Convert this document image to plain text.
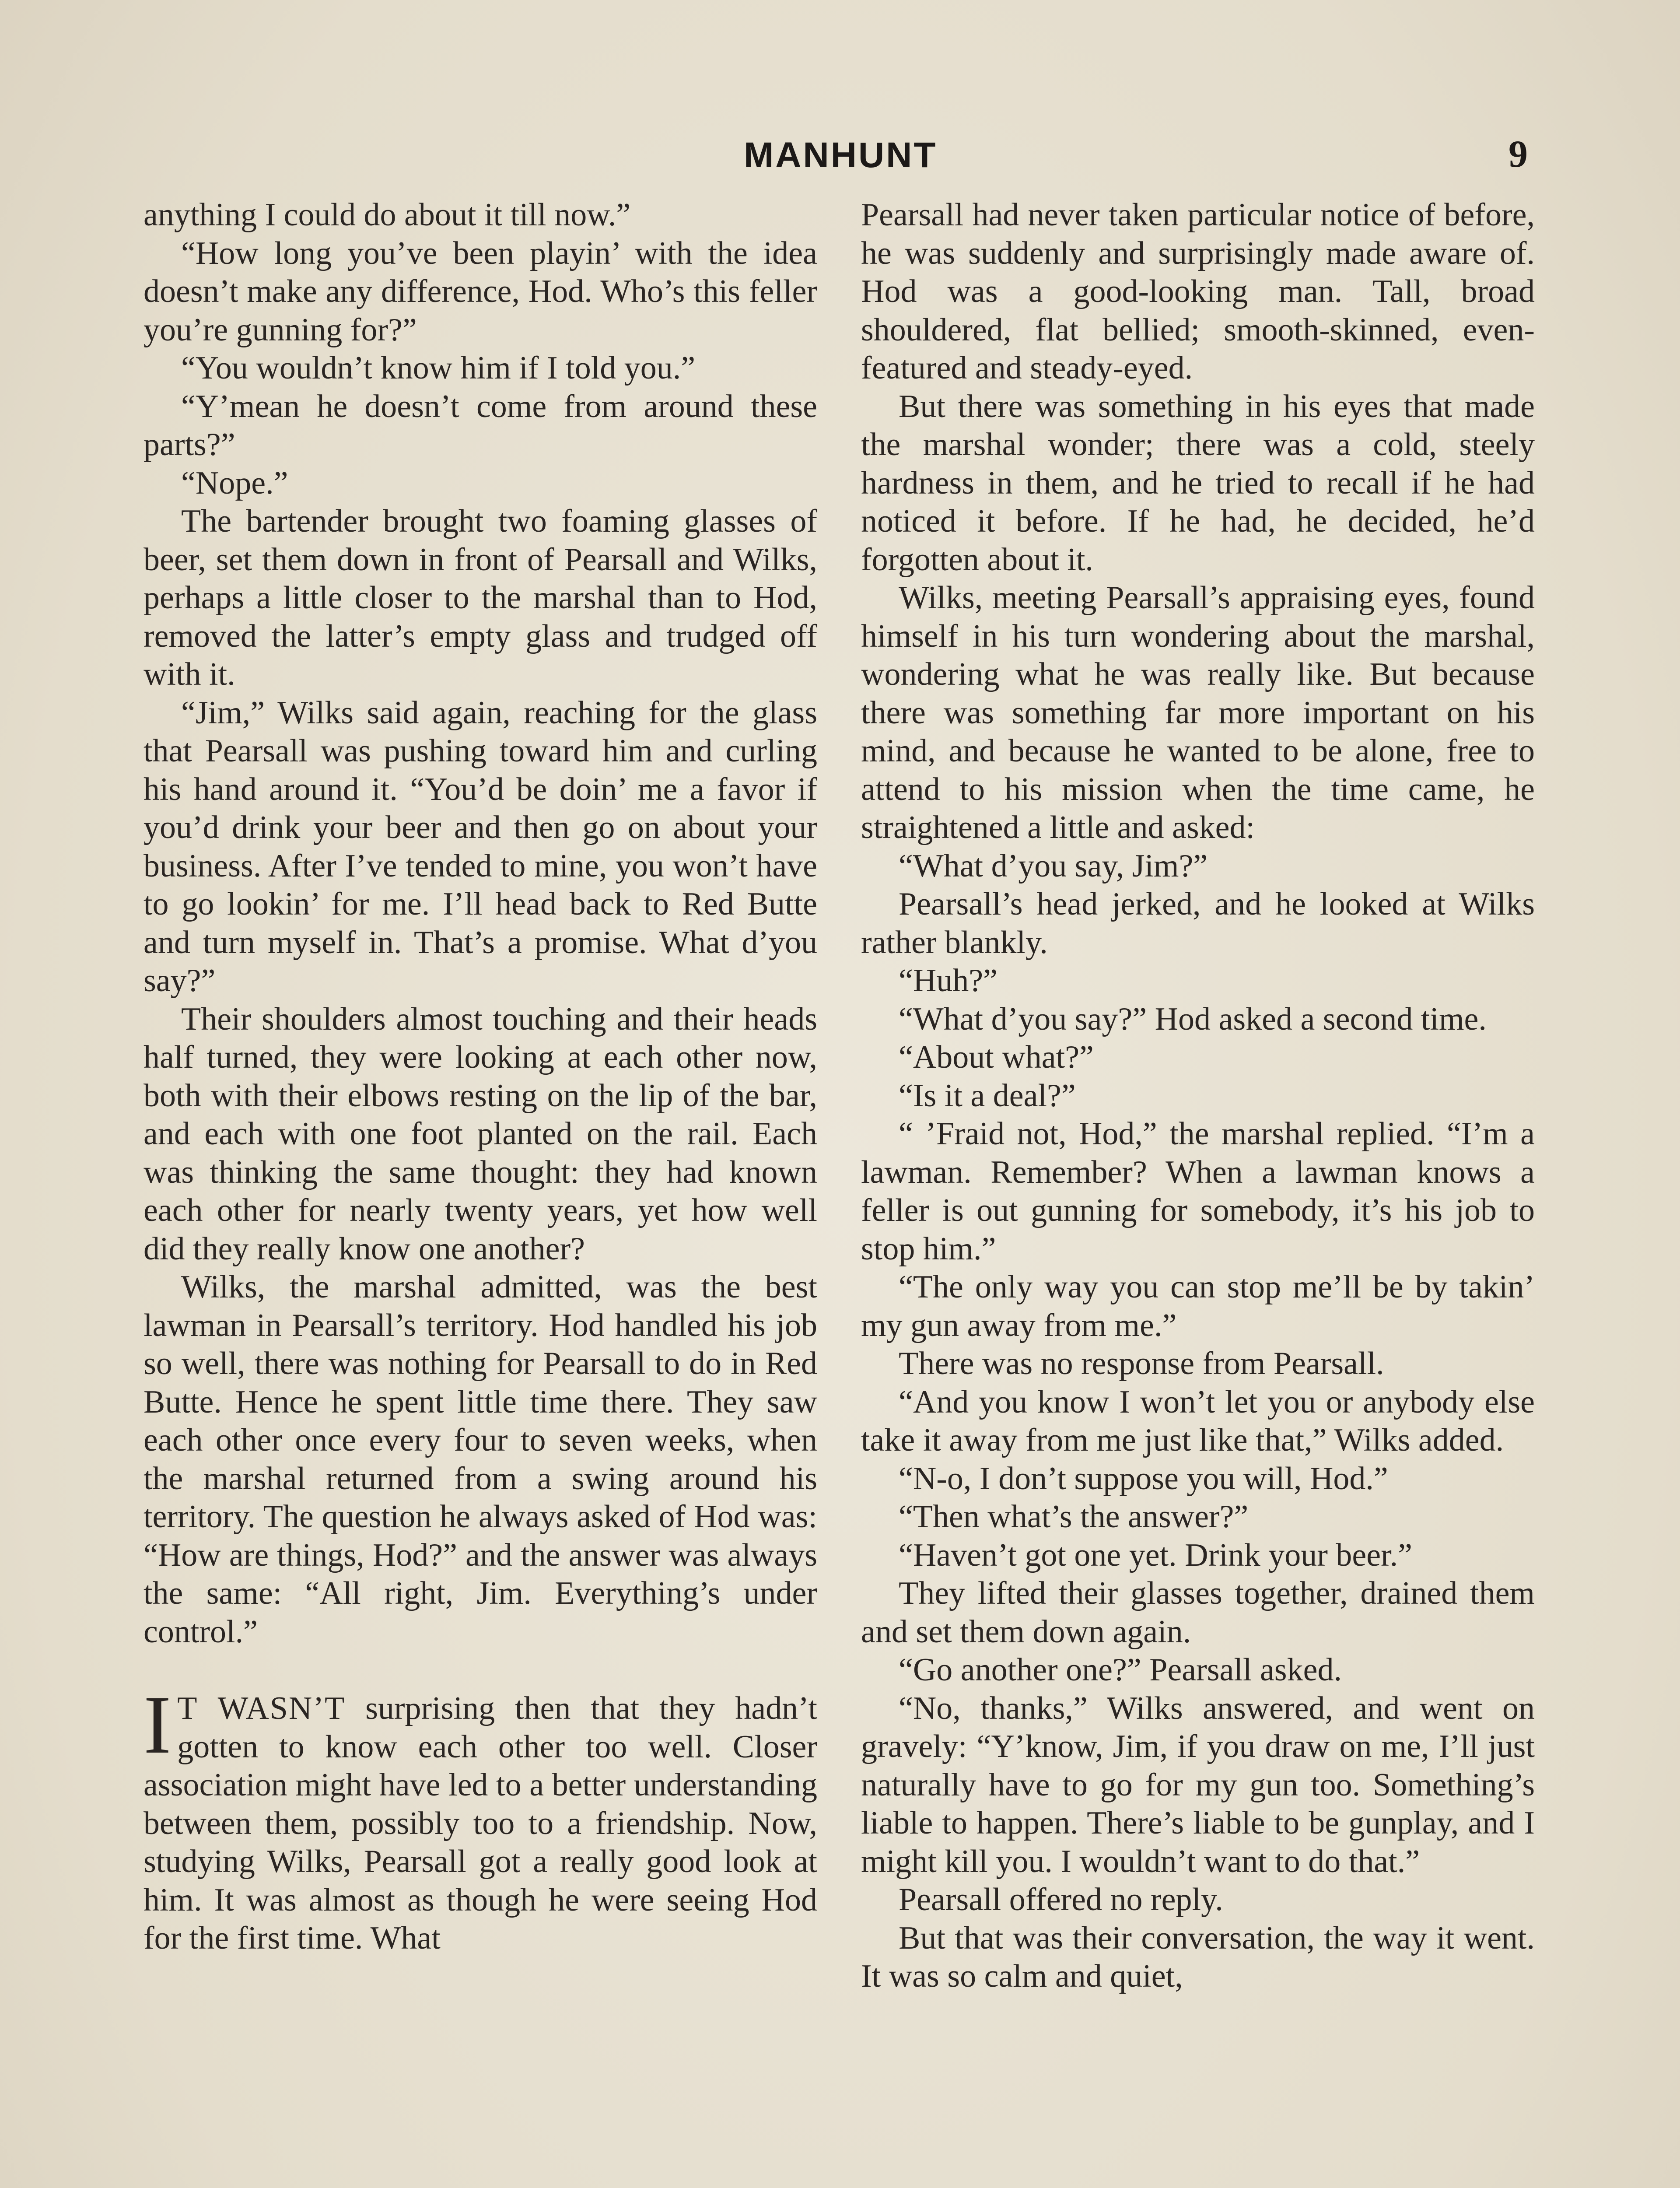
MANHUNT	9

anything I could do about it till now.”

“How long you’ve been playin’ with the idea doesn’t make any difference, Hod. Who’s this feller you’re gunning for?”

“You wouldn’t know him if I told you.”

“Y’mean he doesn’t come from around these parts?”

“Nope.”

The bartender brought two foaming glasses of beer, set them down in front of Pearsall and Wilks, perhaps a little closer to the marshal than to Hod, removed the latter’s empty glass and trudged off with it.

“Jim,” Wilks said again, reaching for the glass that Pearsall was pushing toward him and curling his hand around it. “You’d be doin’ me a favor if you’d drink your beer and then go on about your business. After I’ve tended to mine, you won’t have to go lookin’ for me. I’ll head back to Red Butte and turn myself in. That’s a promise. What d’you say?”

Their shoulders almost touching and their heads half turned, they were looking at each other now, both with their elbows resting on the lip of the bar, and each with one foot planted on the rail. Each was thinking the same thought: they had known each other for nearly twenty years, yet how well did they really know one another?

Wilks, the marshal admitted, was the best lawman in Pearsall’s territory. Hod handled his job so well, there was nothing for Pearsall to do in Red Butte. Hence he spent little time there. They saw each other once every four to seven weeks, when the marshal returned from a swing around his territory. The question he always asked of Hod was: “How are things, Hod?” and the answer was always the same: “All right, Jim. Everything’s under control.”

I T WASN’T surprising then that they hadn’t gotten to know each other too well. Closer association might have led to a better understanding between them, possibly too to a friendship. Now, studying Wilks, Pearsall got a really good look at him. It was almost as though he were seeing Hod for the first time. What

Pearsall had never taken particular notice of before, he was suddenly and surprisingly made aware of. Hod was a good-looking man. Tall, broad shouldered, flat bellied; smooth-skinned, even-featured and steady-eyed.

But there was something in his eyes that made the marshal wonder; there was a cold, steely hardness in them, and he tried to recall if he had noticed it before. If he had, he decided, he’d forgotten about it.

Wilks, meeting Pearsall’s appraising eyes, found himself in his turn wondering about the marshal, wondering what he was really like. But because there was something far more important on his mind, and because he wanted to be alone, free to attend to his mission when the time came, he straightened a little and asked:

“What d’you say, Jim?”

Pearsall’s head jerked, and he looked at Wilks rather blankly.

“Huh?”

“What d’you say?” Hod asked a second time.

“About what?”

“Is it a deal?”

“ ’Fraid not, Hod,” the marshal replied. “I’m a lawman. Remember? When a lawman knows a feller is out gunning for somebody, it’s his job to stop him.”

“The only way you can stop me’ll be by takin’ my gun away from me.”

There was no response from Pearsall.

“And you know I won’t let you or anybody else take it away from me just like that,” Wilks added.

“N-o, I don’t suppose you will, Hod.”

“Then what’s the answer?”

“Haven’t got one yet. Drink your beer.”

They lifted their glasses together, drained them and set them down again.

“Go another one?” Pearsall asked.

“No, thanks,” Wilks answered, and went on gravely: “Y’know, Jim, if you draw on me, I’ll just naturally have to go for my gun too. Something’s liable to happen. There’s liable to be gunplay, and I might kill you. I wouldn’t want to do that.”

Pearsall offered no reply.

But that was their conversation, the way it went. It was so calm and quiet,
